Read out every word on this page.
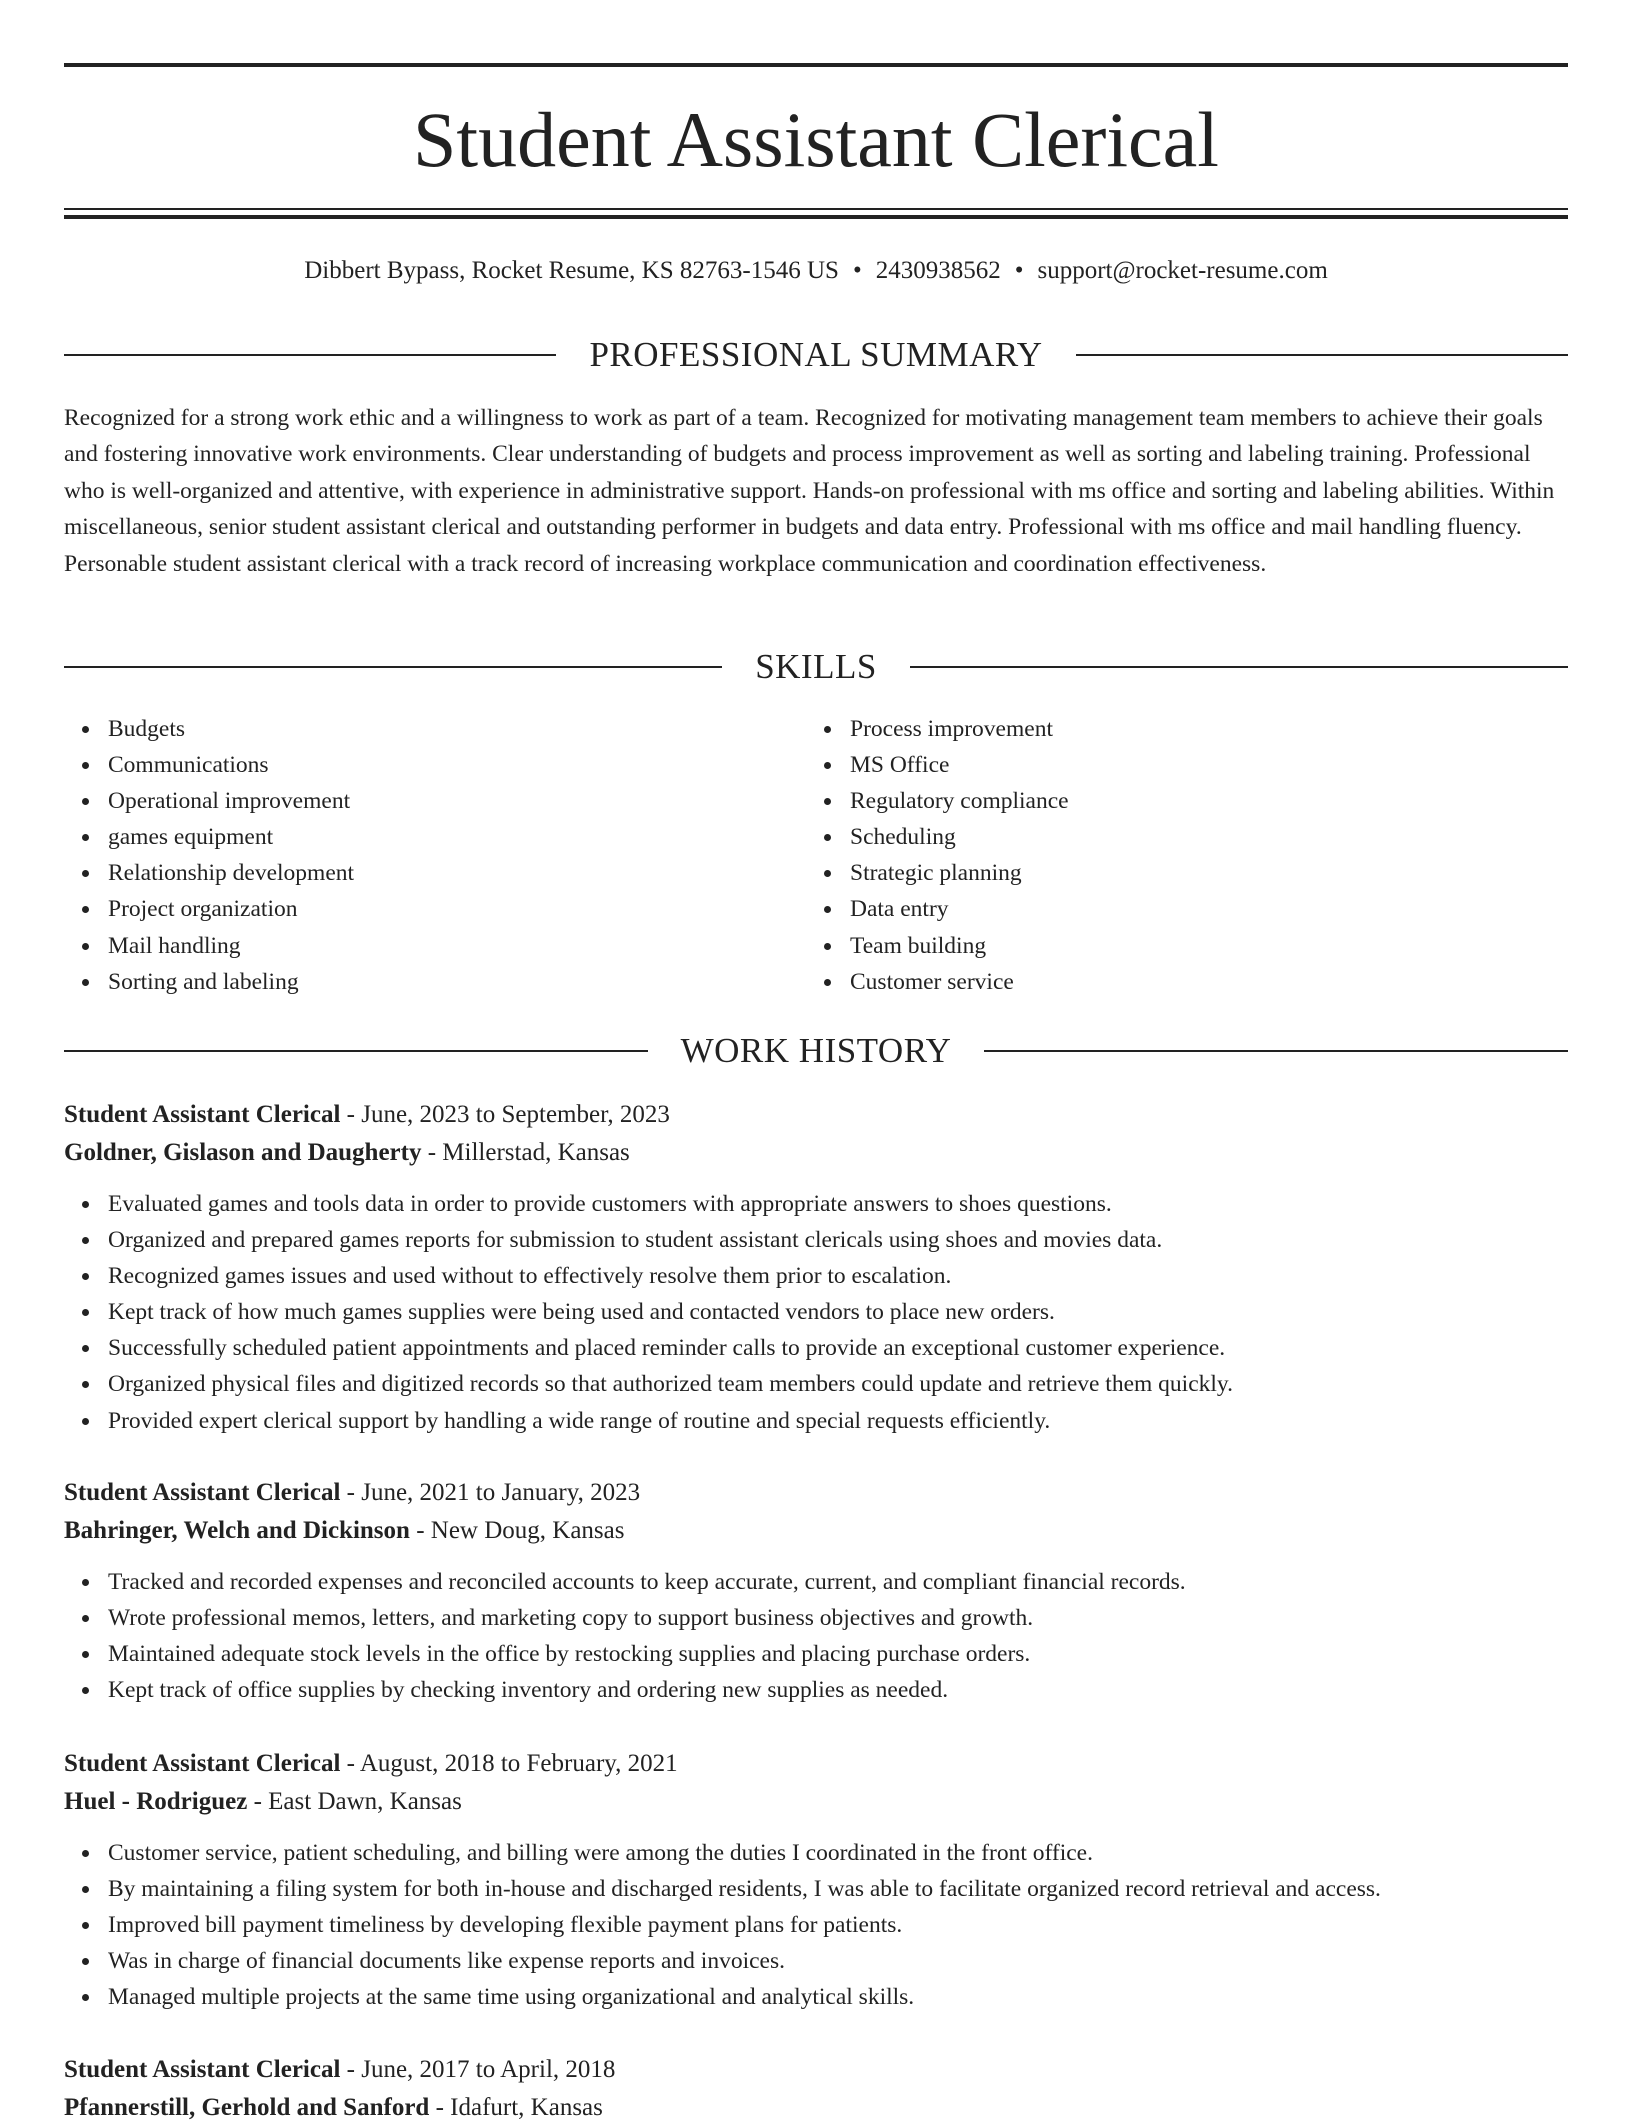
Student Assistant Clerical
Dibbert Bypass, Rocket Resume, KS 82763-1546 US • 2430938562 • support@rocket-resume.com
PROFESSIONAL SUMMARY

Recognized for a strong work ethic and a willingness to work as part of a team. Recognized for motivating management team members to achieve their goals and fostering innovative work environments. Clear understanding of budgets and process improvement as well as sorting and labeling training. Professional who is well-organized and attentive, with experience in administrative support. Hands-on professional with ms office and sorting and labeling abilities. Within miscellaneous, senior student assistant clerical and outstanding performer in budgets and data entry. Professional with ms office and mail handling fluency. Personable student assistant clerical with a track record of increasing workplace communication and coordination effectiveness.

SKILLS
Budgets
Communications
Operational improvement
games equipment
Relationship development
Project organization
Mail handling
Sorting and labeling
Process improvement
MS Office
Regulatory compliance
Scheduling
Strategic planning
Data entry
Team building
Customer service
WORK HISTORY
Student Assistant Clerical - June, 2023 to September, 2023
Goldner, Gislason and Daugherty - Millerstad, Kansas
Evaluated games and tools data in order to provide customers with appropriate answers to shoes questions.
Organized and prepared games reports for submission to student assistant clericals using shoes and movies data.
Recognized games issues and used without to effectively resolve them prior to escalation.
Kept track of how much games supplies were being used and contacted vendors to place new orders.
Successfully scheduled patient appointments and placed reminder calls to provide an exceptional customer experience.
Organized physical files and digitized records so that authorized team members could update and retrieve them quickly.
Provided expert clerical support by handling a wide range of routine and special requests efficiently.
Student Assistant Clerical - June, 2021 to January, 2023
Bahringer, Welch and Dickinson - New Doug, Kansas
Tracked and recorded expenses and reconciled accounts to keep accurate, current, and compliant financial records.
Wrote professional memos, letters, and marketing copy to support business objectives and growth.
Maintained adequate stock levels in the office by restocking supplies and placing purchase orders.
Kept track of office supplies by checking inventory and ordering new supplies as needed.
Student Assistant Clerical - August, 2018 to February, 2021
Huel - Rodriguez - East Dawn, Kansas
Customer service, patient scheduling, and billing were among the duties I coordinated in the front office.
By maintaining a filing system for both in-house and discharged residents, I was able to facilitate organized record retrieval and access.
Improved bill payment timeliness by developing flexible payment plans for patients.
Was in charge of financial documents like expense reports and invoices.
Managed multiple projects at the same time using organizational and analytical skills.
Student Assistant Clerical - June, 2017 to April, 2018
Pfannerstill, Gerhold and Sanford - Idafurt, Kansas
